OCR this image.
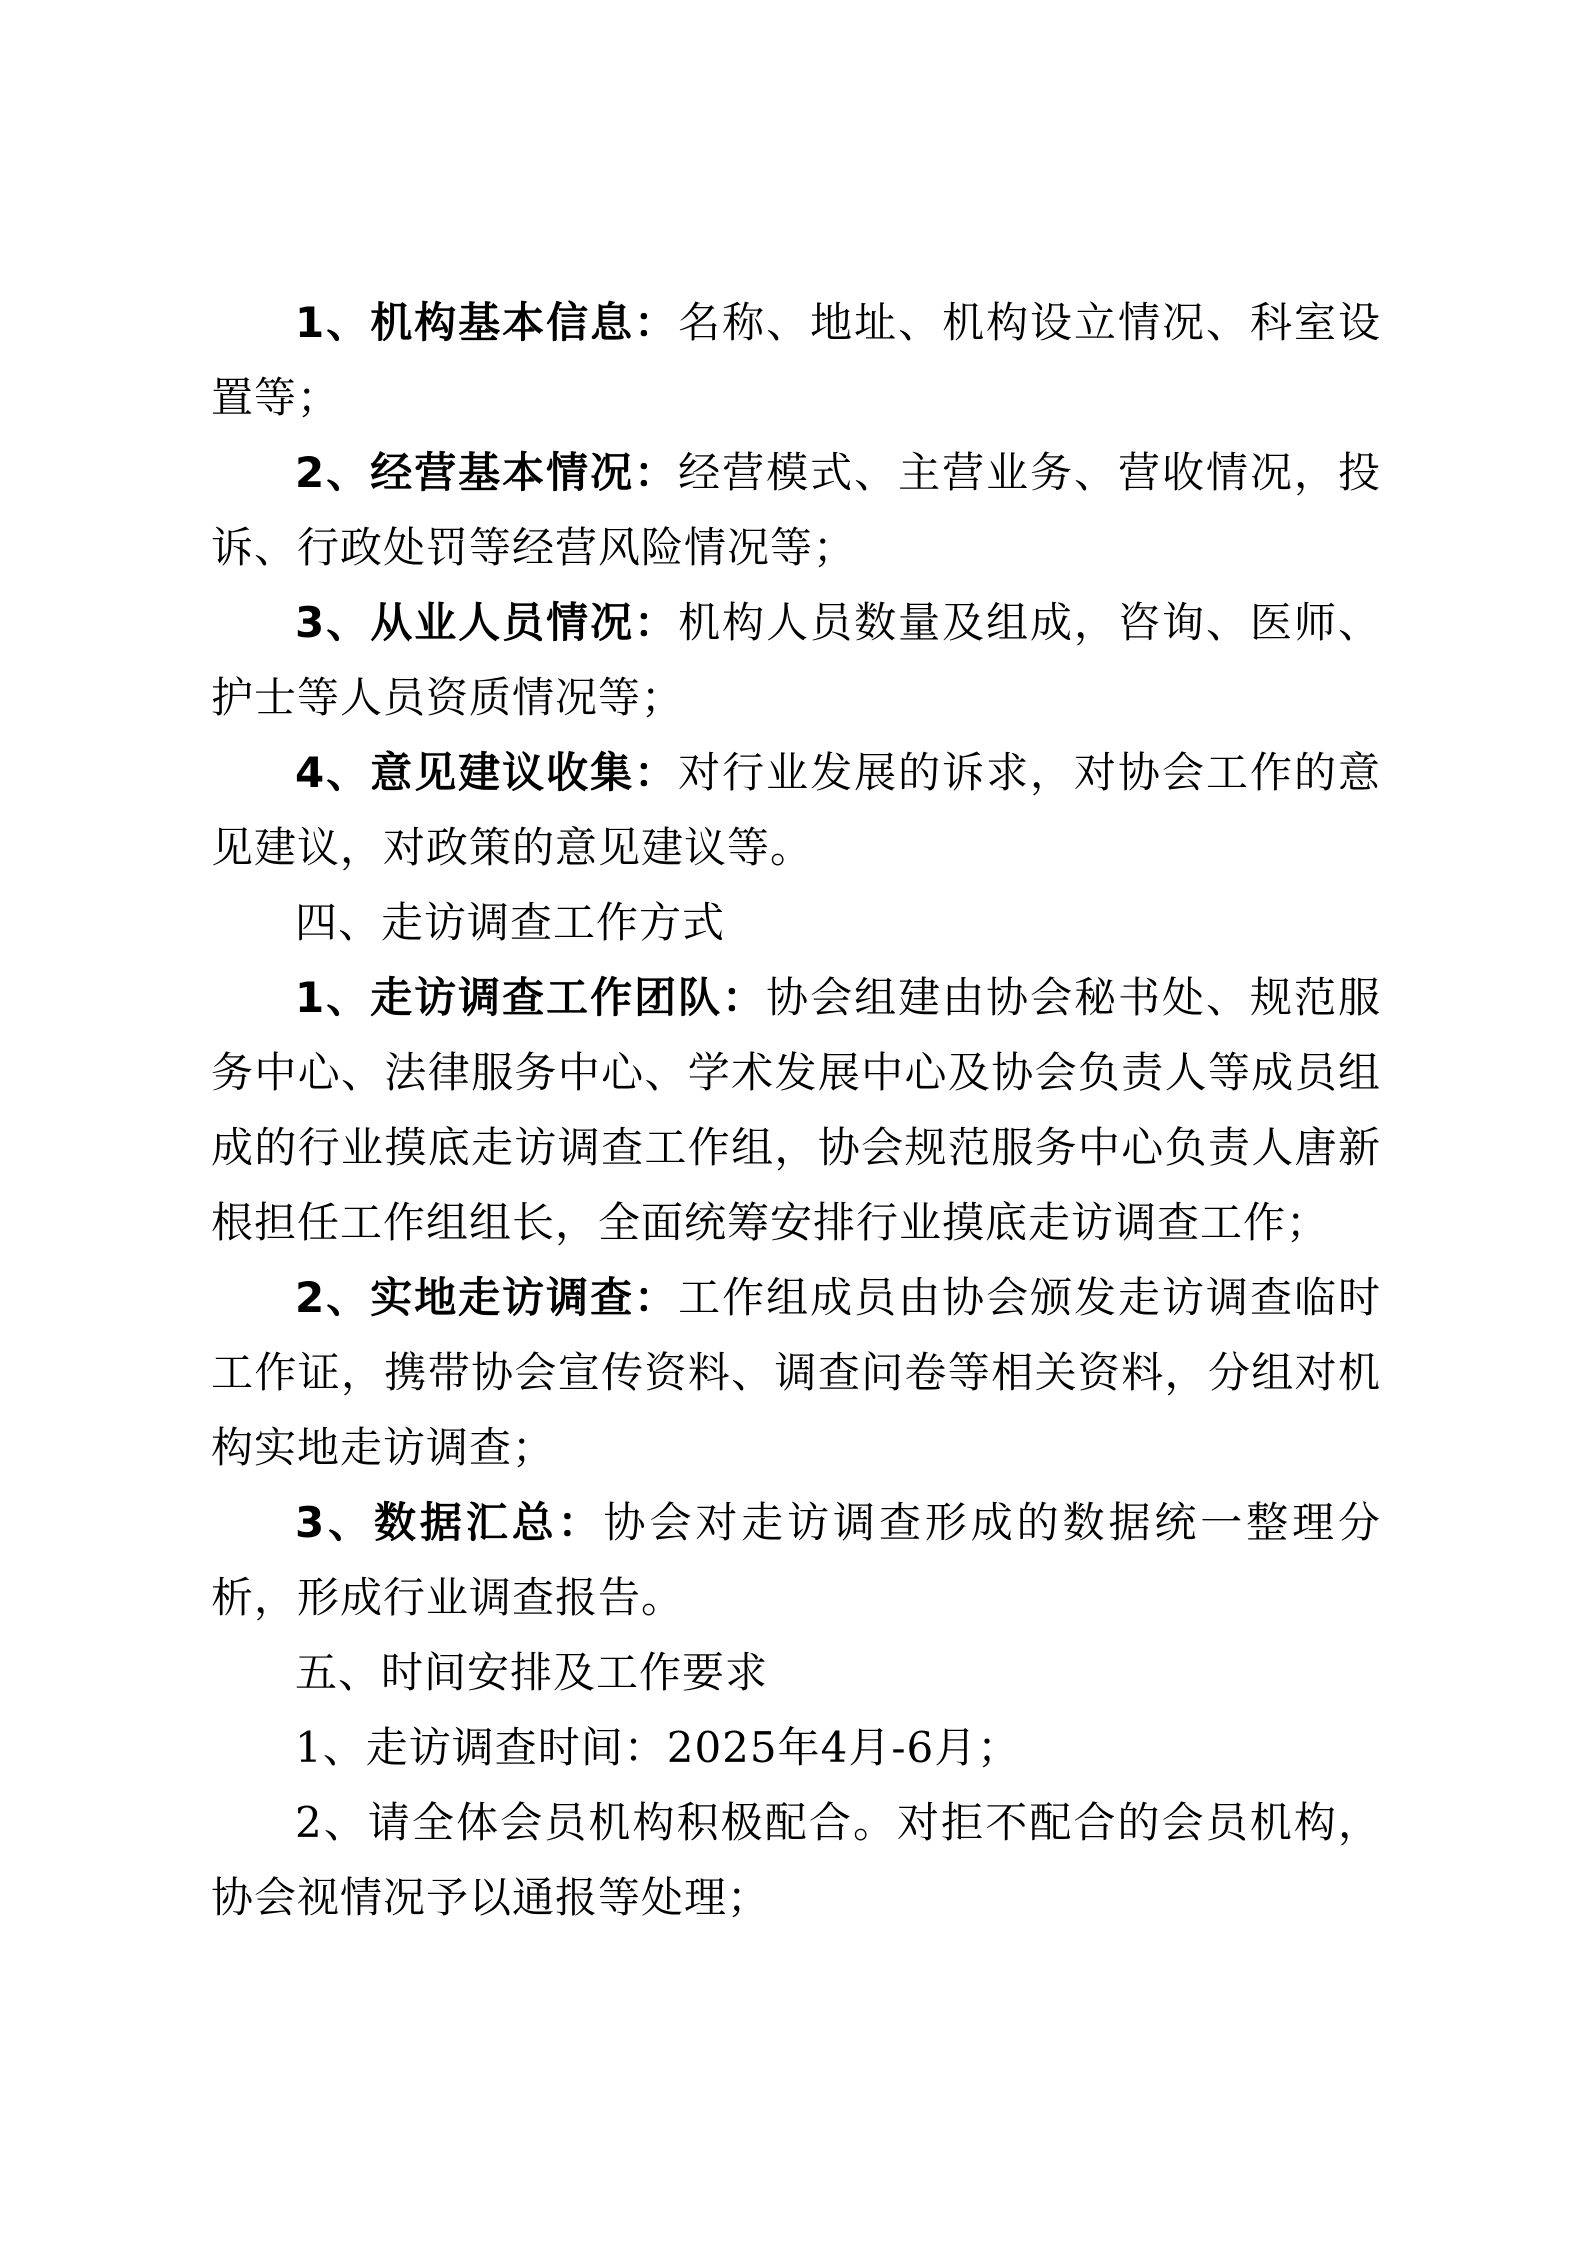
1、机构基本信息：名称、地址、机构设立情况、科室设置等；

2、经营基本情况：经营模式、主营业务、营收情况，投诉、行政处罚等经营风险情况等；

3、从业人员情况：机构人员数量及组成，咨询、医师、护士等人员资质情况等；

4、意见建议收集：对行业发展的诉求，对协会工作的意见建议，对政策的意见建议等。

四、走访调查工作方式

1、走访调查工作团队：协会组建由协会秘书处、规范服务中心、法律服务中心、学术发展中心及协会负责人等成员组成的行业摸底走访调查工作组，协会规范服务中心负责人唐新根担任工作组组长，全面统筹安排行业摸底走访调查工作；

2、实地走访调查：工作组成员由协会颁发走访调查临时工作证，携带协会宣传资料、调查问卷等相关资料，分组对机构实地走访调查；

3、数据汇总：协会对走访调查形成的数据统一整理分析，形成行业调查报告。

五、时间安排及工作要求

1、走访调查时间：2025年4月-6月；

2、请全体会员机构积极配合。对拒不配合的会员机构，协会视情况予以通报等处理；
